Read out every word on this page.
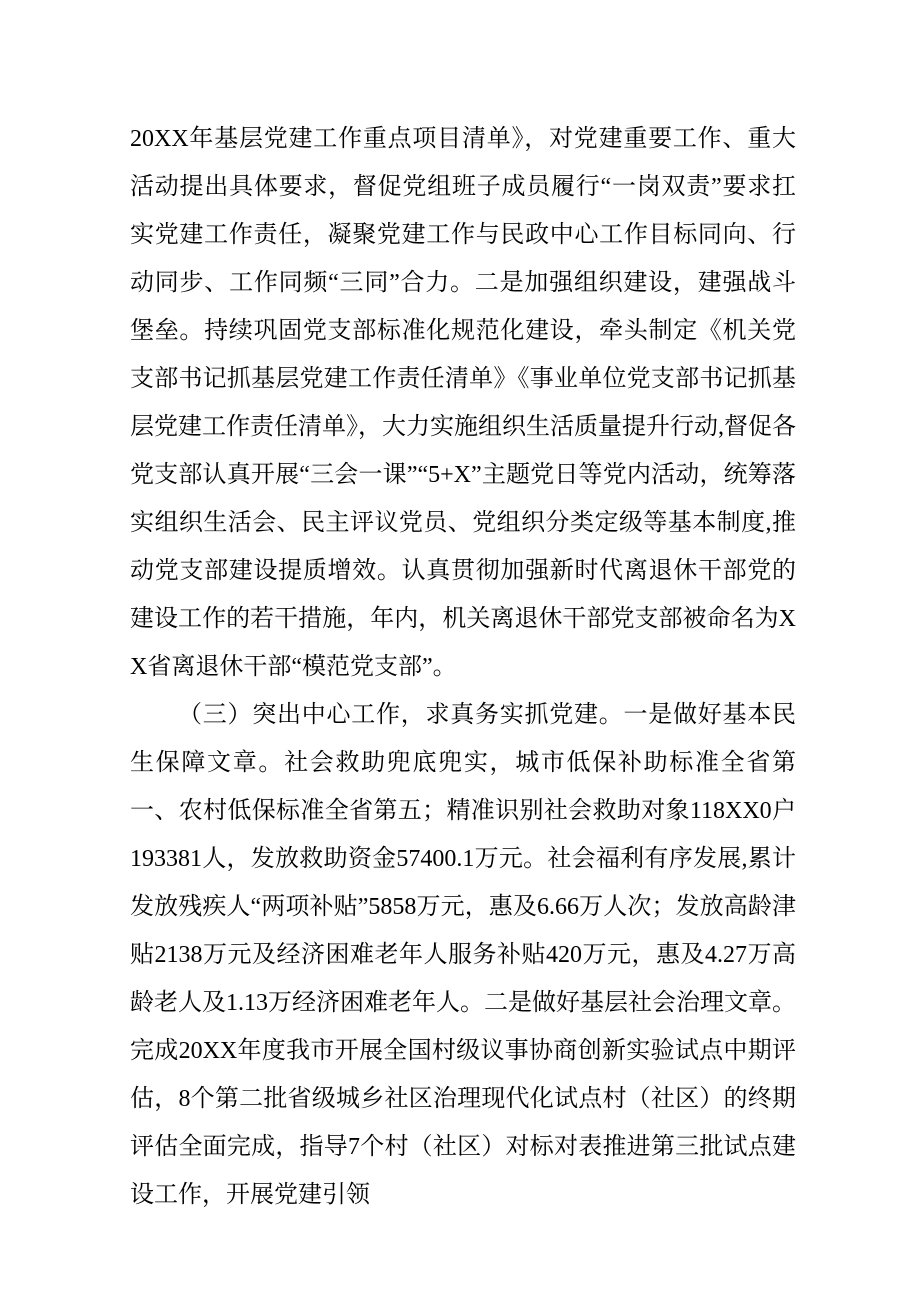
20XX年基层党建工作重点项目清单》，对党建重要工作、重大活动提出具体要求，督促党组班子成员履行“一岗双责”要求扛实党建工作责任，凝聚党建工作与民政中心工作目标同向、行动同步、工作同频“三同”合力。二是加强组织建设，建强战斗堡垒。持续巩固党支部标准化规范化建设，牵头制定《机关党支部书记抓基层党建工作责任清单》《事业单位党支部书记抓基层党建工作责任清单》，大力实施组织生活质量提升行动,督促各党支部认真开展“三会一课”“5+X”主题党日等党内活动，统筹落实组织生活会、民主评议党员、党组织分类定级等基本制度,推动党支部建设提质增效。认真贯彻加强新时代离退休干部党的建设工作的若干措施，年内，机关离退休干部党支部被命名为XX省离退休干部“模范党支部”。

（三）突出中心工作，求真务实抓党建。一是做好基本民生保障文章。社会救助兜底兜实，城市低保补助标准全省第一、农村低保标准全省第五；精准识别社会救助对象118XX0户193381人，发放救助资金57400.1万元。社会福利有序发展,累计发放残疾人“两项补贴”5858万元，惠及6.66万人次；发放高龄津贴2138万元及经济困难老年人服务补贴420万元，惠及4.27万高龄老人及1.13万经济困难老年人。二是做好基层社会治理文章。完成20XX年度我市开展全国村级议事协商创新实验试点中期评估，8个第二批省级城乡社区治理现代化试点村（社区）的终期评估全面完成，指导7个村（社区）对标对表推进第三批试点建设工作，开展党建引领
